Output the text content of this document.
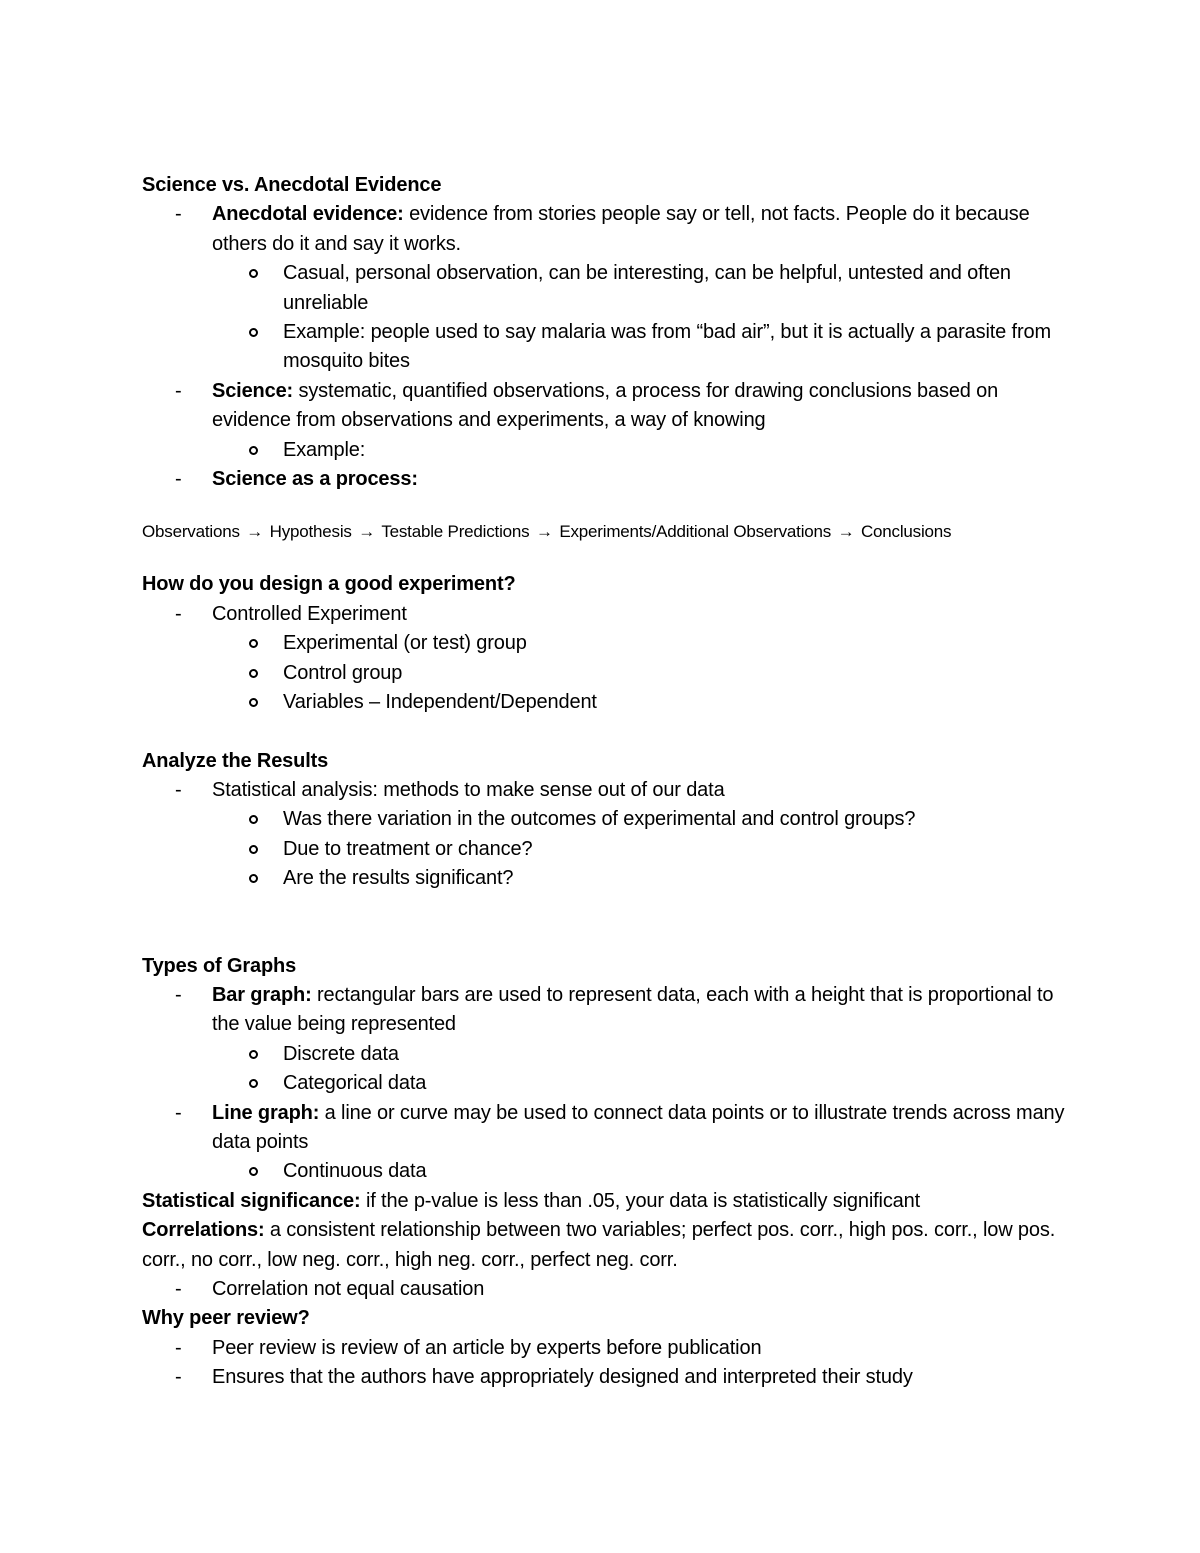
Science vs. Anecdotal Evidence
- Anecdotal evidence: evidence from stories people say or tell, not facts. People do it because others do it and say it works.
Casual, personal observation, can be interesting, can be helpful, untested and often unreliable
Example: people used to say malaria was from “bad air”, but it is actually a parasite from mosquito bites
- Science: systematic, quantified observations, a process for drawing conclusions based on evidence from observations and experiments, a way of knowing
Example:
- Science as a process:
Observations → Hypothesis → Testable Predictions → Experiments/Additional Observations → Conclusions
How do you design a good experiment?
- Controlled Experiment
Experimental (or test) group
Control group
Variables – Independent/Dependent
Analyze the Results
- Statistical analysis: methods to make sense out of our data
Was there variation in the outcomes of experimental and control groups?
Due to treatment or chance?
Are the results significant?
Types of Graphs
- Bar graph: rectangular bars are used to represent data, each with a height that is proportional to the value being represented
Discrete data
Categorical data
- Line graph: a line or curve may be used to connect data points or to illustrate trends across many data points
Continuous data
Statistical significance: if the p-value is less than .05, your data is statistically significant
Correlations: a consistent relationship between two variables; perfect pos. corr., high pos. corr., low pos. corr., no corr., low neg. corr., high neg. corr., perfect neg. corr.
- Correlation not equal causation
Why peer review?
- Peer review is review of an article by experts before publication
- Ensures that the authors have appropriately designed and interpreted their study
